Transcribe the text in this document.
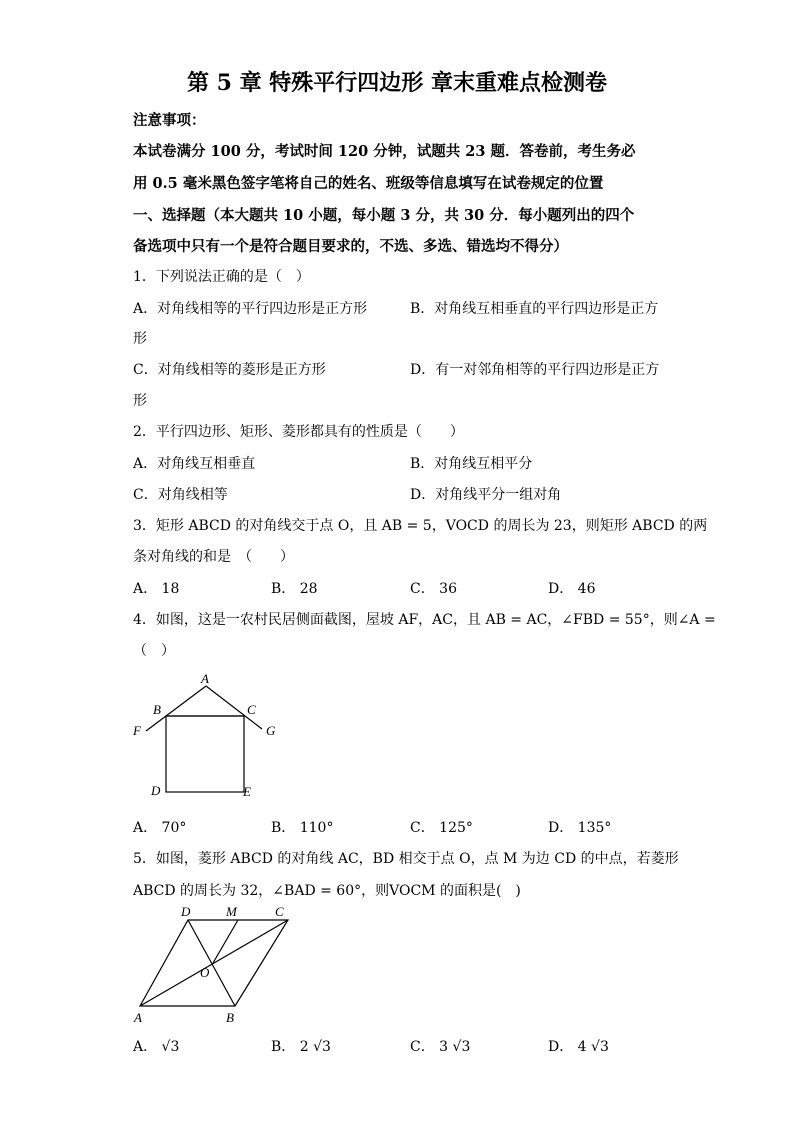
第 5 章 特殊平行四边形 章末重难点检测卷
注意事项：
本试卷满分 100 分，考试时间 120 分钟，试题共 23 题．答卷前，考生务必
用 0.5 毫米黑色签字笔将自己的姓名、班级等信息填写在试卷规定的位置
一、选择题（本大题共 10 小题，每小题 3 分，共 30 分．每小题列出的四个
备选项中只有一个是符合题目要求的，不选、多选、错选均不得分）
1．下列说法正确的是（　）
A．对角线相等的平行四边形是正方形	B．对角线互相垂直的平行四边形是正方
形
C．对角线相等的菱形是正方形	D．有一对邻角相等的平行四边形是正方
形
2．平行四边形、矩形、菱形都具有的性质是（　　）
A．对角线互相垂直	B．对角线互相平分
C．对角线相等	D．对角线平分一组对角
3．矩形 ABCD 的对角线交于点 O，且 AB = 5，VOCD 的周长为 23，则矩形 ABCD 的两
条对角线的和是　（　　）
A． 18	B． 28	C． 36	D． 46
4．如图，这是一农村民居侧面截图，屋坡 AF，AC，且 AB = AC，∠FBD = 55°，则∠A =
（　）
A
B	C
F	G
D	E
A． 70°	B． 110°	C． 125°	D． 135°
5．如图，菱形 ABCD 的对角线 AC，BD 相交于点 O，点 M 为边 CD 的中点，若菱形
ABCD 的周长为 32，∠BAD = 60°，则VOCM 的面积是(　)
D	M	C
O
A	B
A． √3	B． 2 √3	C． 3 √3	D． 4 √3
